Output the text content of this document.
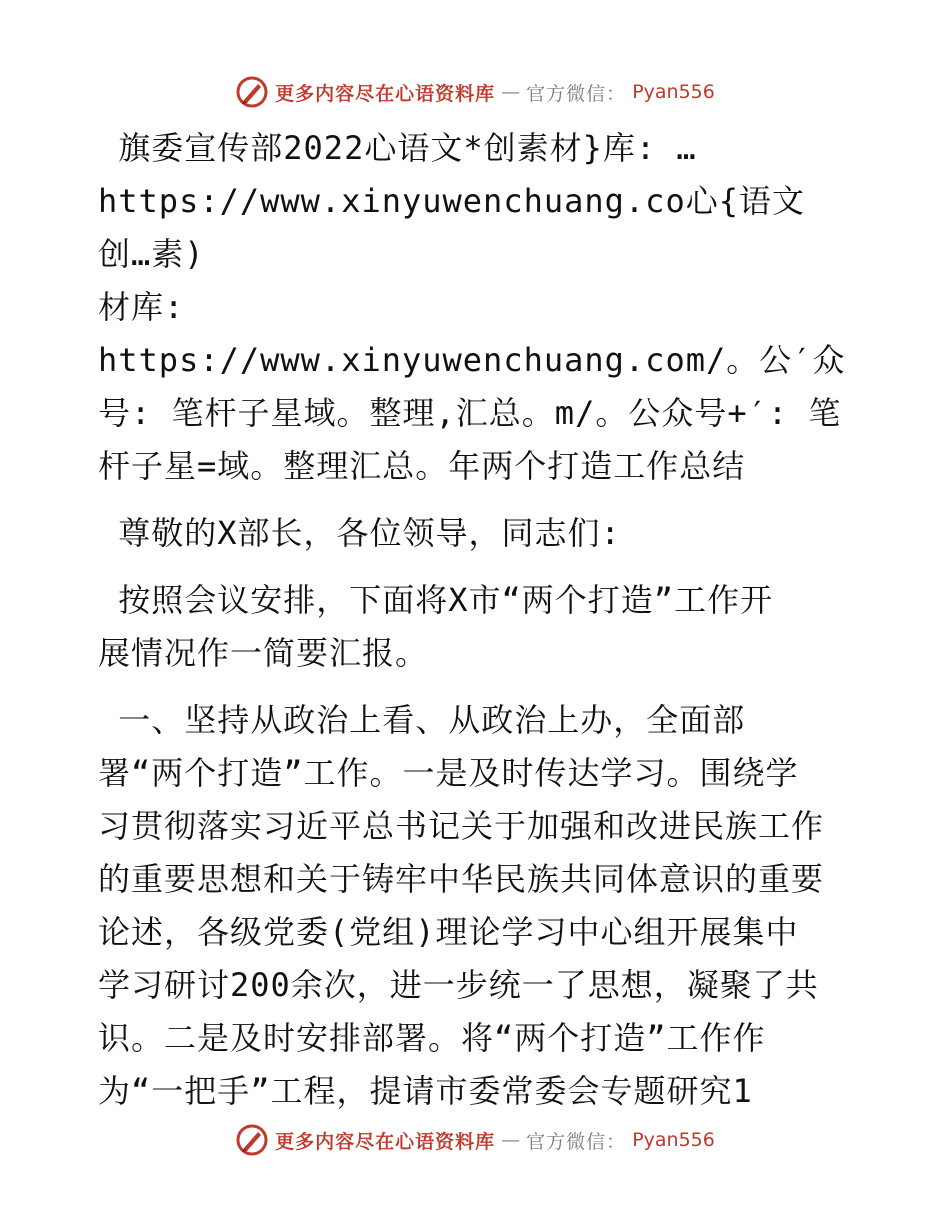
更多内容尽在心语资料库 — 官方微信： Pyan556

旗委宣传部2022心语文*创素材}库: …
https://www.xinyuwenchuang.co心{语文创…素)
材库: https://www.xinyuwenchuang.com/。公′众
号: 笔杆子星域。整理,汇总。m/。公众号+′: 笔
杆子星=域。整理汇总。年两个打造工作总结

尊敬的X部长，各位领导，同志们:

按照会议安排，下面将X市“两个打造”工作开
展情况作一简要汇报。

一、坚持从政治上看、从政治上办，全面部
署“两个打造”工作。一是及时传达学习。围绕学
习贯彻落实习近平总书记关于加强和改进民族工作
的重要思想和关于铸牢中华民族共同体意识的重要
论述，各级党委(党组)理论学习中心组开展集中
学习研讨200余次，进一步统一了思想，凝聚了共
识。二是及时安排部署。将“两个打造”工作作
为“一把手”工程，提请市委常委会专题研究1

更多内容尽在心语资料库 — 官方微信： Pyan556
